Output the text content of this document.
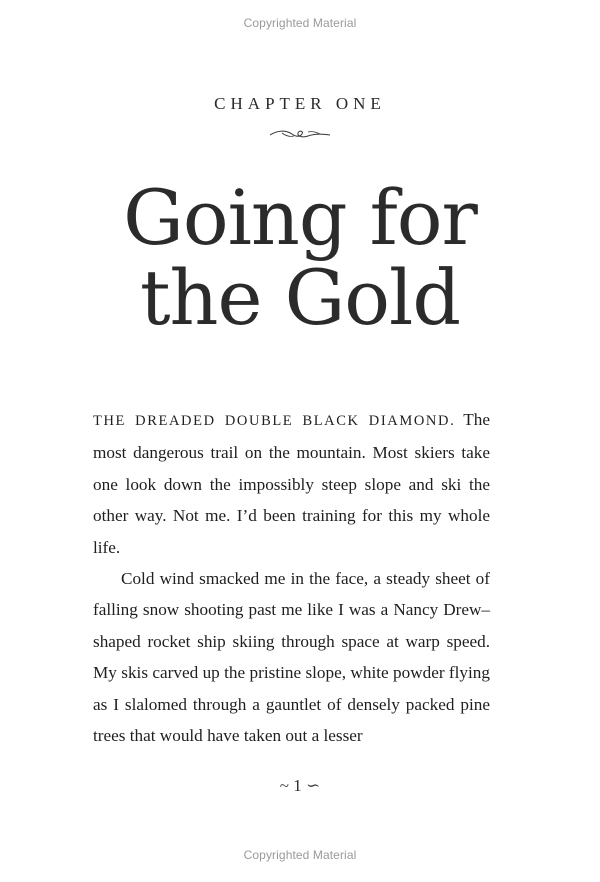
Copyrighted Material
CHAPTER ONE
Going for
the Gold

THE DREADED DOUBLE BLACK DIAMOND. The most dangerous trail on the mountain. Most skiers take one look down the impossibly steep slope and ski the other way. Not me. I’d been training for this my whole life.

Cold wind smacked me in the face, a steady sheet of falling snow shooting past me like I was a Nancy Drew–shaped rocket ship skiing through space at warp speed. My skis carved up the pristine slope, white powder flying as I slalomed through a gauntlet of densely packed pine trees that would have taken out a lesser

~ 1 ∽
Copyrighted Material
